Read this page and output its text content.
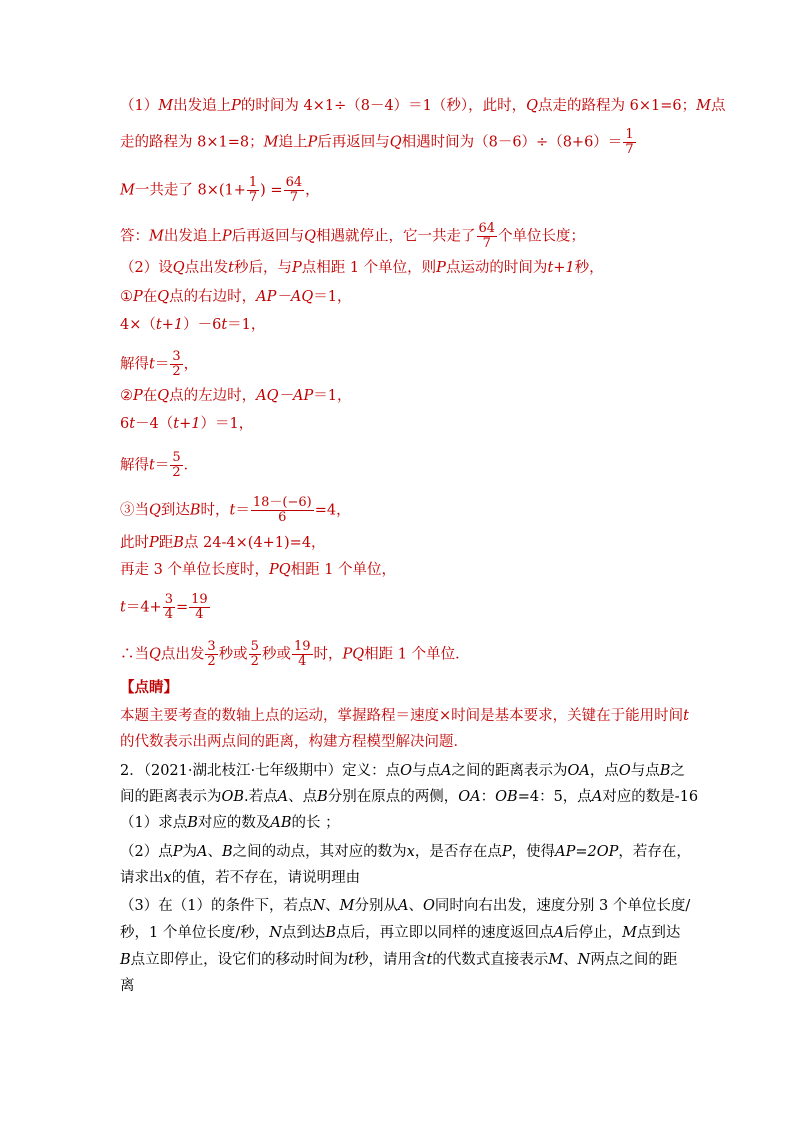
（1）M出发追上P的时间为 4×1÷（8－4）＝1（秒），此时，Q点走的路程为 6×1=6；M点
走的路程为 8×1=8；M追上P后再返回与Q相遇时间为$(8-6)\div(8+6)= \frac{1}{7}$
M一共走了 $8\times(1+ \frac{1}{7}$ ) = $\frac{64}{7}$ ，
答：M出发追上P后再返回与Q相遇就停止，它一共走了 $\frac{64}{7}$ 个单位长度；
（2）设Q点出发t秒后，与P点相距 1 个单位，则P点运动的时间为t+1秒，
①P在Q点的右边时，AP－AQ＝1，
4×（t+1）－6t＝1，
解得$t= \frac{3}{2}$ ，
②P在Q点的左边时，AQ－AP＝1，
6t－4（t+1）＝1，
解得$t= \frac{5}{2}$ ．
③当Q到达B时，$t= \frac{18-(-6)}{6} =4$，
此时P距B点 24-4×(4+1)=4，
再走 3 个单位长度时，PQ相距 1 个单位，
$t=4+ \frac{3}{4} = \frac{19}{4}$
∴当Q点出发 $\frac{3}{2}$ 秒或 $\frac{5}{2}$ 秒或 $\frac{19}{4}$ 时，PQ相距 1 个单位．
【点睛】
本题主要考查的数轴上点的运动，掌握路程＝速度×时间是基本要求，关键在于能用时间t
的代数表示出两点间的距离，构建方程模型解决问题．
2．（2021·湖北枝江·七年级期中）定义：点O与点A之间的距离表示为OA，点O与点B之
间的距离表示为OB.若点A、点B分别在原点的两侧，OA：OB=4：5，点A对应的数是-16
（1）求点B对应的数及AB的长 ；
（2）点P为A、B之间的动点，其对应的数为x，是否存在点P，使得AP=2OP，若存在，
请求出x的值，若不存在，请说明理由
（3）在（1）的条件下，若点N、M分别从A、O同时向右出发，速度分别 3 个单位长度/
秒，1 个单位长度/秒，N点到达B点后，再立即以同样的速度返回点A后停止，M点到达
B点立即停止，设它们的移动时间为t秒，请用含t的代数式直接表示M、N两点之间的距
离
